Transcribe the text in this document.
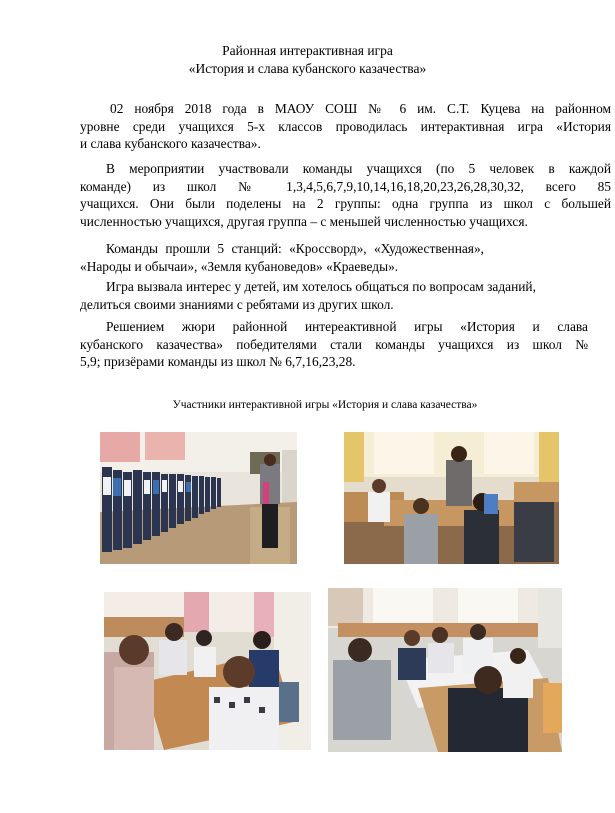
Районная интерактивная игра
«История и слава кубанского казачества»
02 ноября 2018 года в МАОУ СОШ № 6 им. С.Т. Куцева на районном
уровне среди учащихся 5-х классов проводилась интерактивная игра «История
и слава кубанского казачества».
В мероприятии участвовали команды учащихся (по 5 человек в каждой
команде) из школ № 1,3,4,5,6,7,9,10,14,16,18,20,23,26,28,30,32, всего 85
учащихся. Они были поделены на 2 группы: одна группа из школ с большей
численностью учащихся, другая группа – с меньшей численностью учащихся.
Команды прошли 5 станций: «Кроссворд», «Художественная»,
«Народы и обычаи», «Земля кубановедов» «Краеведы».
Игра вызвала интерес у детей, им хотелось общаться по вопросам заданий,
делиться своими знаниями с ребятами из других школ.
Решением жюри районной интереактивной игры «История и слава
кубанского казачества» победителями стали команды учащихся из школ №
5,9; призёрами команды из школ № 6,7,16,23,28.
Участники интерактивной игры «История и слава казачества»
